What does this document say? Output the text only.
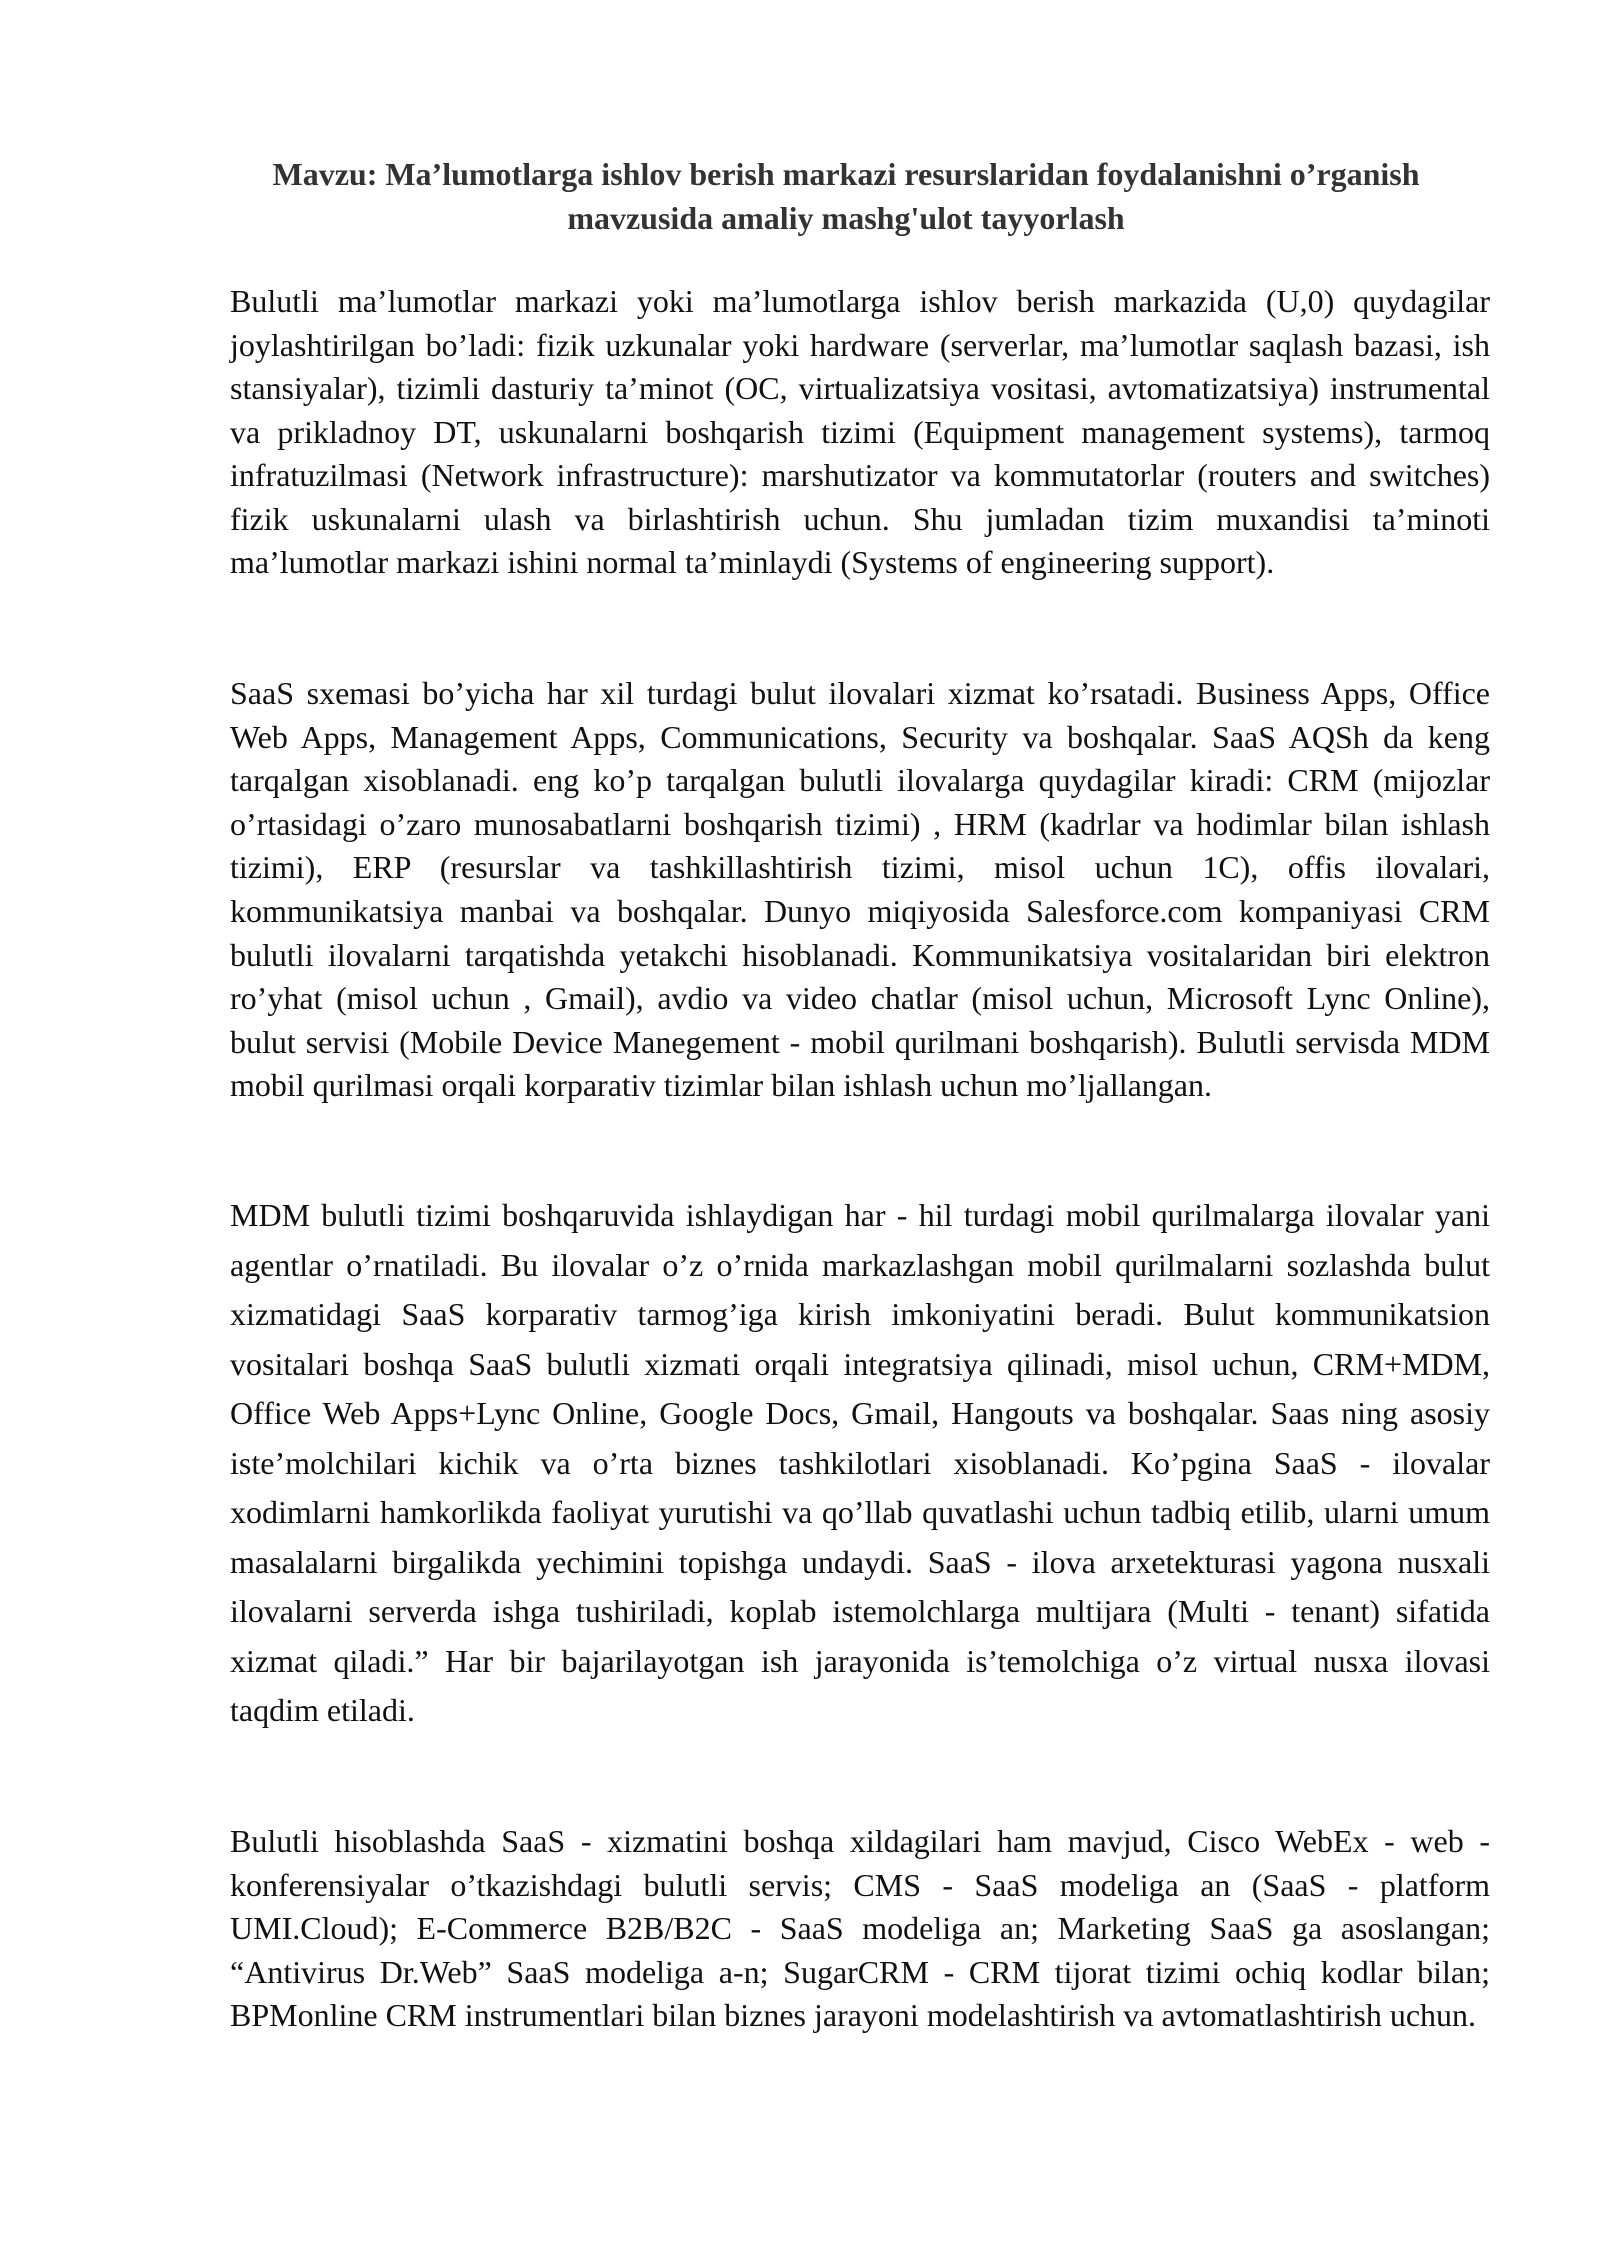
Mavzu: Ma’lumotlarga ishlov berish markazi resurslaridan foydalanishni o’rganish mavzusida amaliy mashg'ulot tayyorlash

Bulutli ma’lumotlar markazi yoki ma’lumotlarga ishlov berish markazida (U,0) quydagilar joylashtirilgan bo’ladi: fizik uzkunalar yoki hardware (serverlar, ma’lumotlar saqlash bazasi, ish stansiyalar), tizimli dasturiy ta’minot (OC, virtualizatsiya vositasi, avtomatizatsiya) instrumental va prikladnoy DT, uskunalarni boshqarish tizimi (Equipment management systems), tarmoq infratuzilmasi (Network infrastructure): marshutizator va kommutatorlar (routers and switches) fizik uskunalarni ulash va birlashtirish uchun. Shu jumladan tizim muxandisi ta’minoti ma’lumotlar markazi ishini normal ta’minlaydi (Systems of engineering support).

SaaS sxemasi bo’yicha har xil turdagi bulut ilovalari xizmat ko’rsatadi. Business Apps, Office Web Apps, Management Apps, Communications, Security va boshqalar. SaaS AQSh da keng tarqalgan xisoblanadi. eng ko’p tarqalgan bulutli ilovalarga quydagilar kiradi: CRM (mijozlar o’rtasidagi o’zaro munosabatlarni boshqarish tizimi) , HRM (kadrlar va hodimlar bilan ishlash tizimi), ERP (resurslar va tashkillashtirish tizimi, misol uchun 1C), offis ilovalari, kommunikatsiya manbai va boshqalar. Dunyo miqiyosida Salesforce.com kompaniyasi CRM bulutli ilovalarni tarqatishda yetakchi hisoblanadi. Kommunikatsiya vositalaridan biri elektron ro’yhat (misol uchun , Gmail), avdio va video chatlar (misol uchun, Microsoft Lync Online), bulut servisi (Mobile Device Manegement - mobil qurilmani boshqarish). Bulutli servisda MDM mobil qurilmasi orqali korparativ tizimlar bilan ishlash uchun mo’ljallangan.

MDM bulutli tizimi boshqaruvida ishlaydigan har - hil turdagi mobil qurilmalarga ilovalar yani agentlar o’rnatiladi. Bu ilovalar o’z o’rnida markazlashgan mobil qurilmalarni sozlashda bulut xizmatidagi SaaS korparativ tarmog’iga kirish imkoniyatini beradi. Bulut kommunikatsion vositalari boshqa SaaS bulutli xizmati orqali integratsiya qilinadi, misol uchun, CRM+MDM, Office Web Apps+Lync Online, Google Docs, Gmail, Hangouts va boshqalar. Saas ning asosiy iste’molchilari kichik va o’rta biznes tashkilotlari xisoblanadi. Ko’pgina SaaS - ilovalar xodimlarni hamkorlikda faoliyat yurutishi va qo’llab quvatlashi uchun tadbiq etilib, ularni umum masalalarni birgalikda yechimini topishga undaydi. SaaS - ilova arxetekturasi yagona nusxali ilovalarni serverda ishga tushiriladi, koplab istemolchlarga multijara (Multi - tenant) sifatida xizmat qiladi.” Har bir bajarilayotgan ish jarayonida is’temolchiga o’z virtual nusxa ilovasi taqdim etiladi.

Bulutli hisoblashda SaaS - xizmatini boshqa xildagilari ham mavjud, Cisco WebEx - web - konferensiyalar o’tkazishdagi bulutli servis; CMS - SaaS modeliga an (SaaS - platform UMI.Cloud); E-Commerce B2B/B2C - SaaS modeliga an; Marketing SaaS ga asoslangan; “Antivirus Dr.Web” SaaS modeliga a-n; SugarCRM - CRM tijorat tizimi ochiq kodlar bilan; BPMonline CRM instrumentlari bilan biznes jarayoni modelashtirish va avtomatlashtirish uchun.
